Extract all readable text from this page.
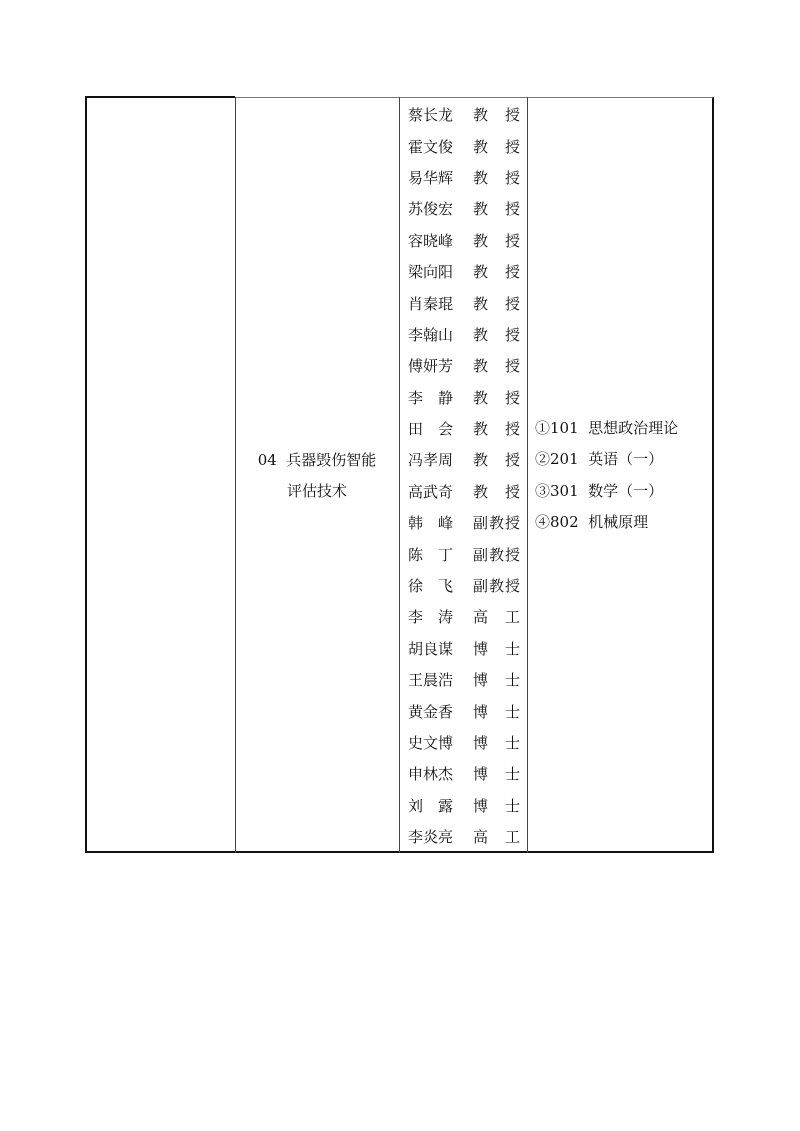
04  兵器毁伤智能
评估技术
蔡长龙 教授
霍文俊 教授
易华辉 教授
苏俊宏 教授
容晓峰 教授
梁向阳 教授
肖秦琨 教授
李翰山 教授
傅妍芳 教授
李静 教授
田会 教授
冯孝周 教授
高武奇 教授
韩峰 副教授
陈丁 副教授
徐飞 副教授
李涛 高工
胡良谋 博士
王晨浩 博士
黄金香 博士
史文博 博士
申林杰 博士
刘露 博士
李炎亮 高工
①101  思想政治理论
②201  英语（一）
③301  数学（一）
④802  机械原理
